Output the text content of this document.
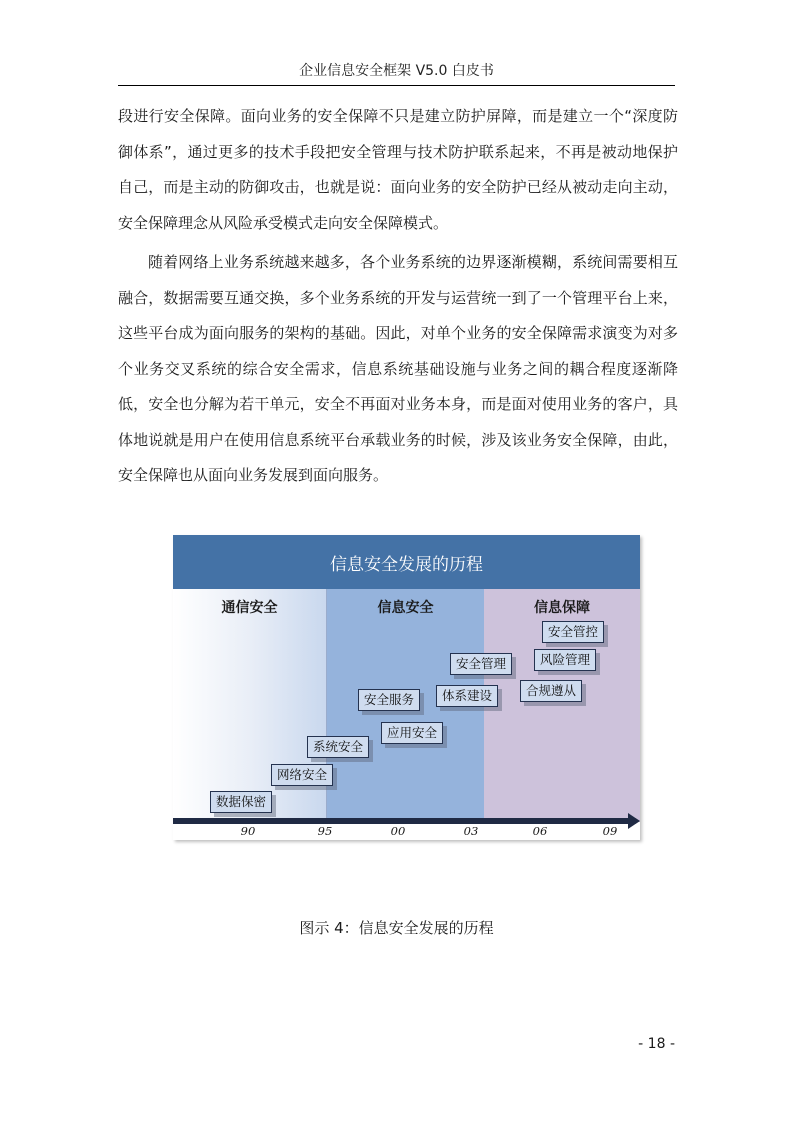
企业信息安全框架 V5.0 白皮书

段进行安全保障。面向业务的安全保障不只是建立防护屏障，而是建立一个“深度防御体系”，通过更多的技术手段把安全管理与技术防护联系起来，不再是被动地保护自己，而是主动的防御攻击，也就是说：面向业务的安全防护已经从被动走向主动，安全保障理念从风险承受模式走向安全保障模式。

随着网络上业务系统越来越多，各个业务系统的边界逐渐模糊，系统间需要相互融合，数据需要互通交换，多个业务系统的开发与运营统一到了一个管理平台上来，这些平台成为面向服务的架构的基础。因此，对单个业务的安全保障需求演变为对多个业务交叉系统的综合安全需求，信息系统基础设施与业务之间的耦合程度逐渐降低，安全也分解为若干单元，安全不再面对业务本身，而是面对使用业务的客户，具体地说就是用户在使用信息系统平台承载业务的时候，涉及该业务安全保障，由此，安全保障也从面向业务发展到面向服务。

信息安全发展的历程
通信安全	信息安全	信息保障
数据保密
网络安全
系统安全
应用安全
安全服务	体系建设
安全管理
合规遵从
风险管理
安全管控
90	95	00	03	06	09
图示 4：信息安全发展的历程
- 18 -
